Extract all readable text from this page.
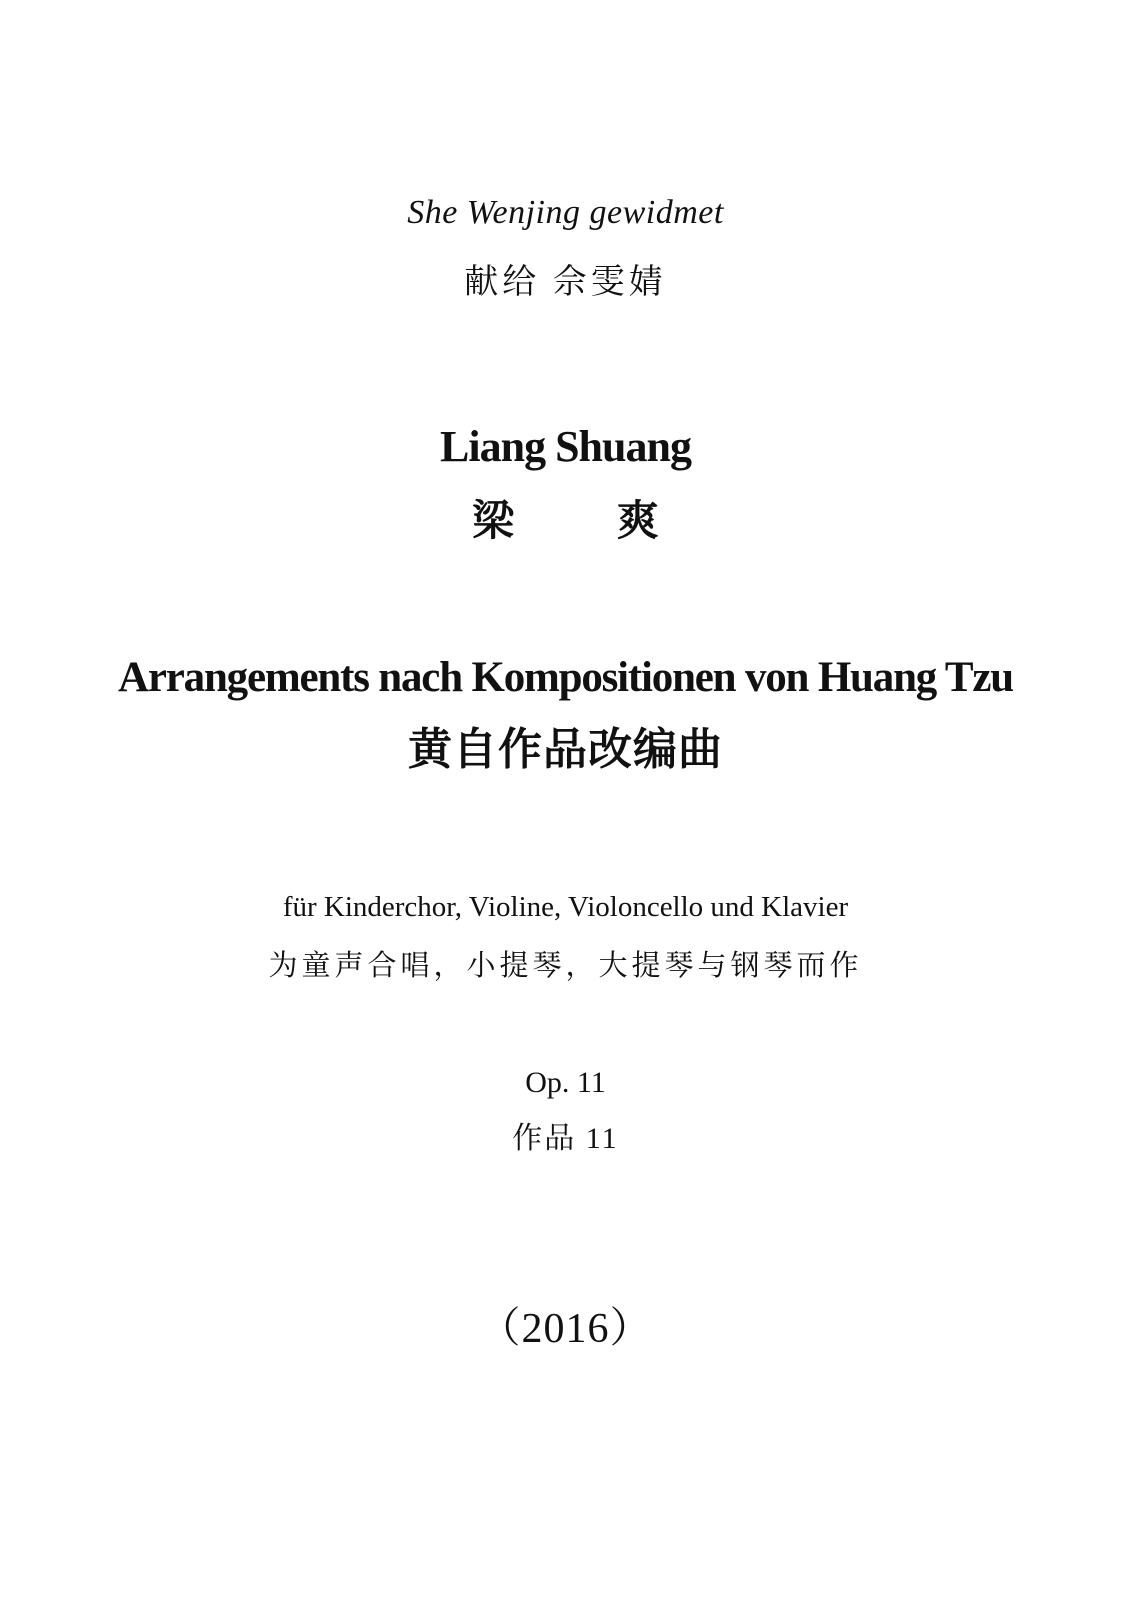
She Wenjing gewidmet
献给 佘雯婧
Liang Shuang
梁 爽
Arrangements nach Kompositionen von Huang Tzu
黄自作品改编曲
für Kinderchor, Violine, Violoncello und Klavier
为童声合唱，小提琴，大提琴与钢琴而作
Op. 11
作品 11
（2016）
